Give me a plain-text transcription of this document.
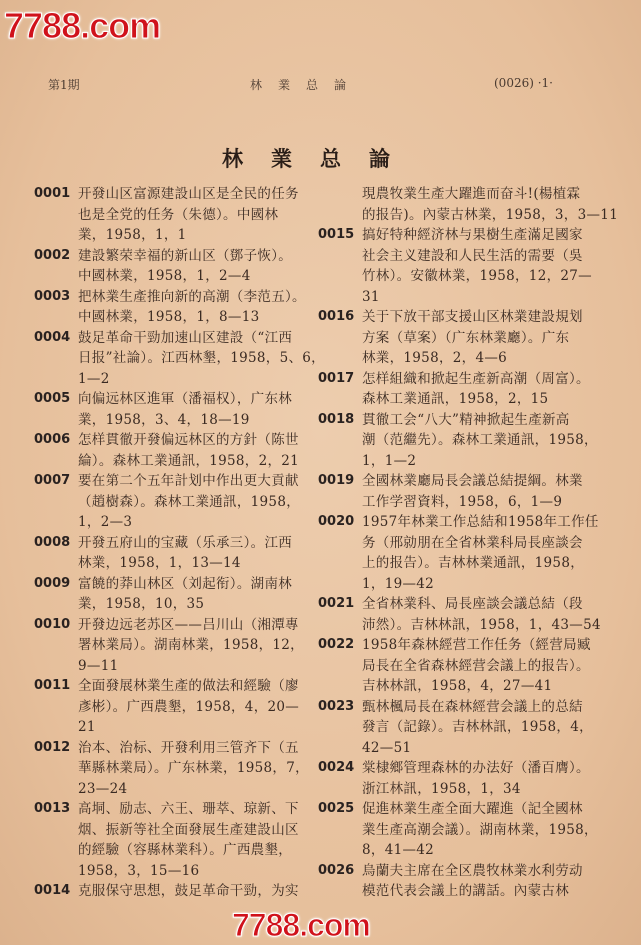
7788.com
7788.com
第1期	林　業　总　論	(0026) ·1·
林業总論
0001 开發山区富源建設山区是全民的任务
也是全党的任务（朱德）。中國林
業，1958，1，1
0002 建設繁荣幸福的新山区（鄧子恢）。
中國林業，1958，1，2—4
0003 把林業生產推向新的高潮（李范五）。
中國林業，1958，1，8—13
0004 鼓足革命干勁加速山区建設（“江西
日报”社論）。江西林墾，1958，5、6，
1—2
0005 向偏远林区進軍（潘福权），广东林
業，1958，3、4，18—19
0006 怎样貫徹开發偏远林区的方針（陈世
綸）。森林工業通訊，1958，2，21
0007 要在第二个五年計划中作出更大貢献
（趙樹森）。森林工業通訊，1958，
1，2—3
0008 开發五府山的宝藏（乐承三）。江西
林業，1958，1，13—14
0009 富饒的莽山林区（刘起衔）。湖南林
業，1958，10，35
0010 开發边远老苏区——吕川山（湘潭專
署林業局）。湖南林業，1958，12，
9—11
0011 全面發展林業生產的做法和經驗（廖
彥彬）。广西農墾，1958，4，20—
21
0012 治本、治标、开發利用三管齐下（五
華縣林業局）。广东林業，1958，7，
23—24
0013 高垌、励志、六王、珊萃、琼新、下
烟、振新等社全面發展生產建設山区
的經驗（容縣林業科）。广西農墾，
1958，3，15—16
0014 克服保守思想，鼓足革命干勁，为实
現農牧業生產大躍進而奋斗!(楊植霖
的报告)。內蒙古林業，1958，3，3—11
0015 搞好特种經济林与果樹生產滿足國家
社会主义建設和人民生活的需要（吳
竹林）。安徽林業，1958，12，27—
31
0016 关于下放干部支援山区林業建設規划
方案（草案）（广东林業廳）。广东
林業，1958，2，4—6
0017 怎样組織和掀起生產新高潮（周富）。
森林工業通訊，1958，2，15
0018 貫徹工会“八大”精神掀起生產新高
潮（范繼先）。森林工業通訊，1958，
1，1—2
0019 全國林業廳局長会議总結提綱。林業
工作学習資料，1958，6，1—9
0020 1957年林業工作总結和1958年工作任
务（邢勍朋在全省林業科局長座談会
上的报告）。吉林林業通訊，1958，
1，19—42
0021 全省林業科、局長座談会議总結（段
沛然）。吉林林訊，1958，1，43—54
0022 1958年森林經营工作任务（經营局臧
局長在全省森林經营会議上的报告）。
吉林林訊，1958，4，27—41
0023 甄林楓局長在森林經营会議上的总結
發言（記錄）。吉林林訊，1958，4，
42—51
0024 棠棣鄉管理森林的办法好（潘百膺）。
浙江林訊，1958，1，34
0025 促進林業生產全面大躍進（記全國林
業生產高潮会議）。湖南林業，1958，
8，41—42
0026 烏蘭夫主席在全区農牧林業水利劳动
模范代表会議上的講話。內蒙古林
